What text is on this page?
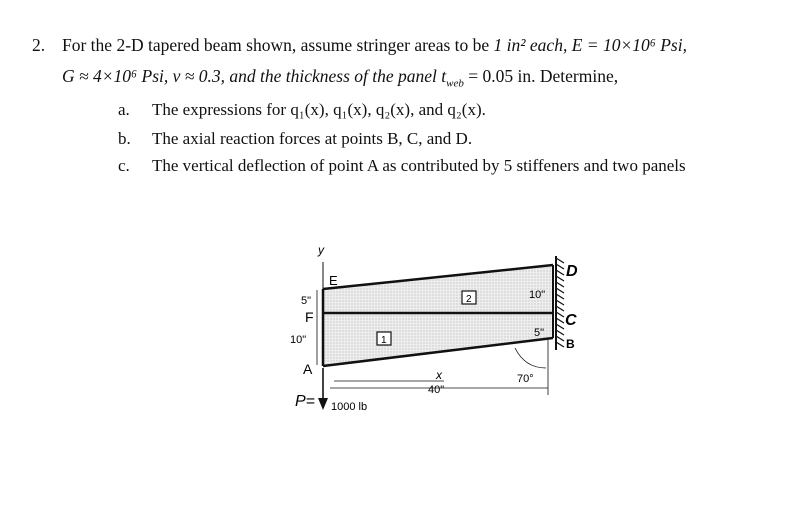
2. For the 2-D tapered beam shown, assume stringer areas to be 1 in² each, E = 10×10⁶ Psi,
G ≈ 4×10⁶ Psi, ν ≈ 0.3, and the thickness of the panel $t_{web} = 0.05$ in. Determine,
a. The expressions for q₁(x), q₁(x), q₂(x), and q₂(x).
b. The axial reaction forces at points B, C, and D.
c. The vertical deflection of point A as contributed by 5 stiffeners and two panels
y
E
F
A
D
C
B
5"
10"
10"
5"
1
2
x
40"
70°
P= 1000 lb
